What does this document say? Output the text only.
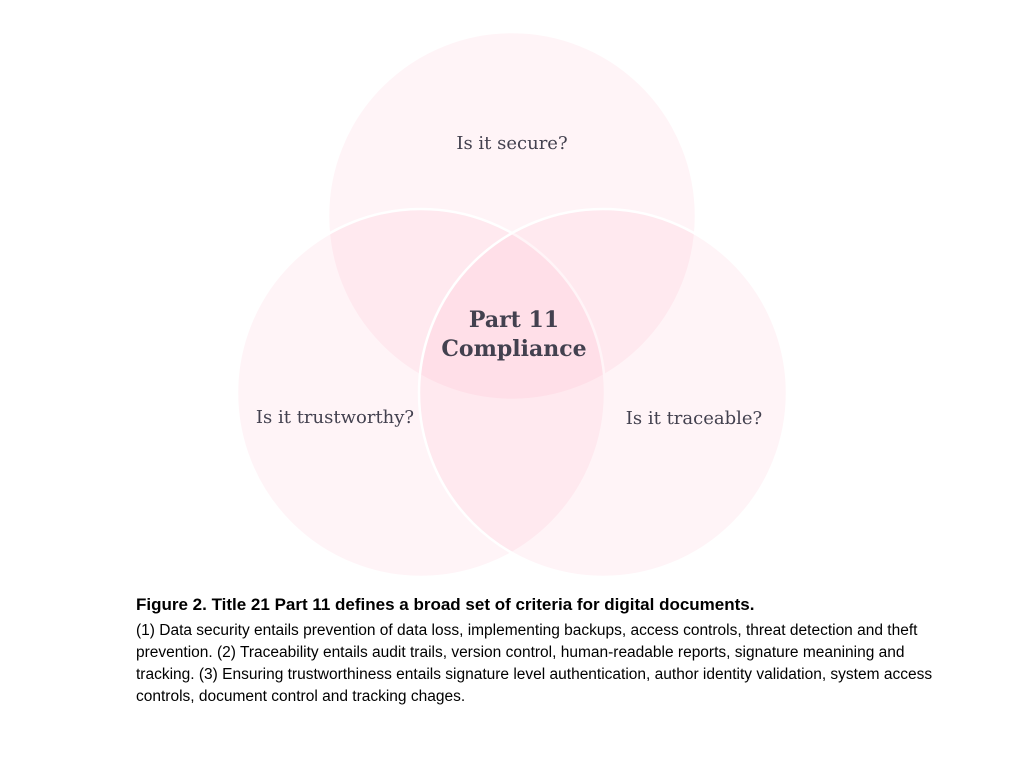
Is it secure?
Is it trustworthy?	Is it traceable?
Part 11
Compliance

Figure 2. Title 21 Part 11 defines a broad set of criteria for digital documents.

(1) Data security entails prevention of data loss, implementing backups, access controls, threat detection and theft prevention. (2) Traceability entails audit trails, version control, human-readable reports, signature meanining and tracking. (3) Ensuring trustworthiness entails signature level authentication, author identity validation, system access controls, document control and tracking chages.
